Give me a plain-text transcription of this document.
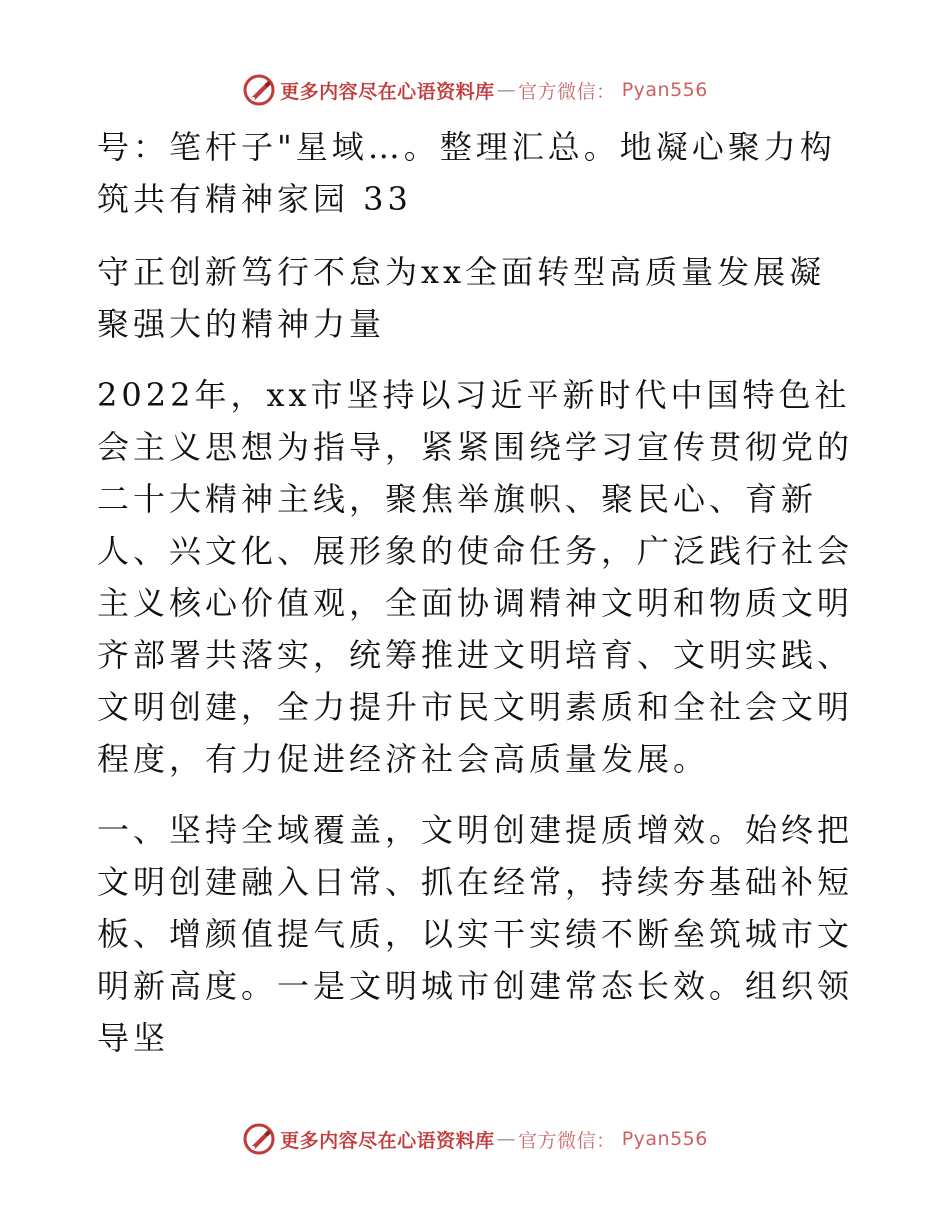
更多内容尽在心语资料库 — 官方微信 ： Pyan556

号：笔杆子"星域…。整理汇总。地凝心聚力构筑共有精神家园 33

守正创新笃行不怠为xx全面转型高质量发展凝聚强大的精神力量

2022年，xx市坚持以习近平新时代中国特色社会主义思想为指导，紧紧围绕学习宣传贯彻党的二十大精神主线，聚焦举旗帜、聚民心、育新人、兴文化、展形象的使命任务，广泛践行社会主义核心价值观，全面协调精神文明和物质文明齐部署共落实，统筹推进文明培育、文明实践、文明创建，全力提升市民文明素质和全社会文明程度，有力促进经济社会高质量发展。

一、坚持全域覆盖，文明创建提质增效。始终把文明创建融入日常、抓在经常，持续夯基础补短板、增颜值提气质，以实干实绩不断垒筑城市文明新高度。一是文明城市创建常态长效。组织领导坚

更多内容尽在心语资料库 — 官方微信 ： Pyan556
